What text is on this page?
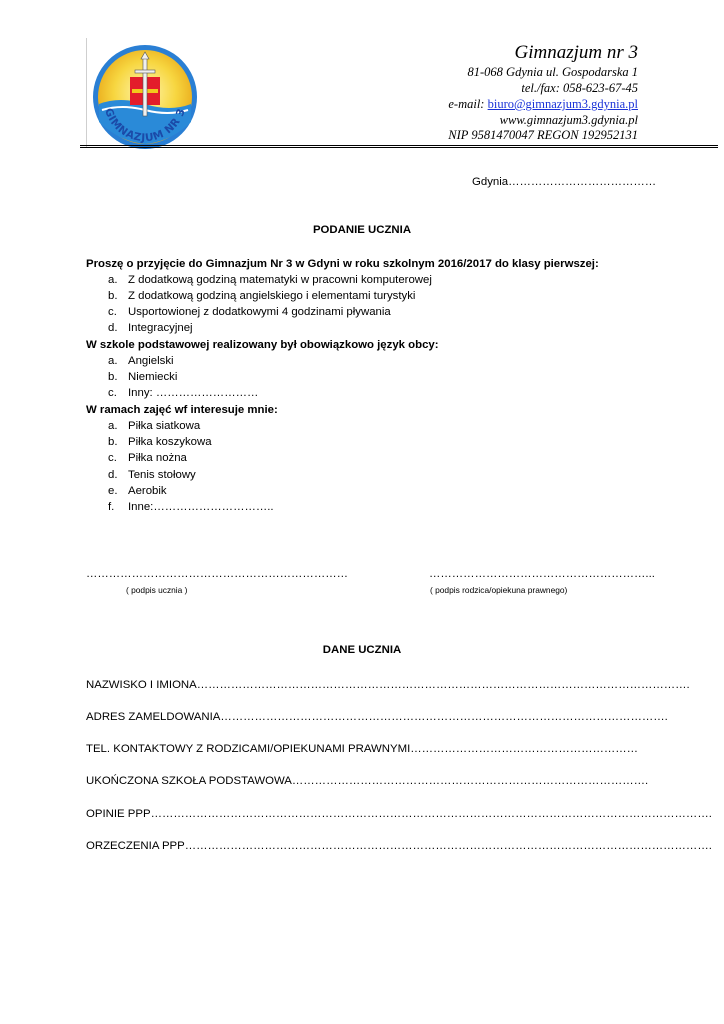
GIMNAZJUM NR 3
Gimnazjum nr 3
81-068 Gdynia ul. Gospodarska 1
tel./fax: 058-623-67-45
e-mail: biuro@gimnazjum3.gdynia.pl
www.gimnazjum3.gdynia.pl
NIP 9581470047 REGON 192952131
Gdynia…………………………………
PODANIE UCZNIA
Proszę o przyjęcie do Gimnazjum Nr 3 w Gdyni w roku szkolnym 2016/2017 do klasy pierwszej:
a. Z dodatkową godziną matematyki w pracowni komputerowej
b. Z dodatkową godziną angielskiego i elementami turystyki
c. Usportowionej z dodatkowymi 4 godzinami pływania
d. Integracyjnej
W szkole podstawowej realizowany był obowiązkowo język obcy:
a. Angielski
b. Niemiecki
c. Inny: ………………………
W ramach zajęć wf interesuje mnie:
a. Piłka siatkowa
b. Piłka koszykowa
c. Piłka nożna
d. Tenis stołowy
e. Aerobik
f. Inne:…………………………..
……………………………………………………………
( podpis ucznia )
…………………………………………………...
( podpis rodzica/opiekuna prawnego)
DANE UCZNIA
NAZWISKO I IMIONA………………………………………………………………………………………………………………….
ADRES ZAMELDOWANIA……………………………………………………………………………………………………….
TEL. KONTAKTOWY Z RODZICAMI/OPIEKUNAMI PRAWNYMI……………………………………………………
UKOŃCZONA SZKOŁA PODSTAWOWA………………………………………………………………………………….
OPINIE PPP………………………………………………………………………………………………………………………………….
ORZECZENIA PPP………………………………………………………………………………………………………………………….
